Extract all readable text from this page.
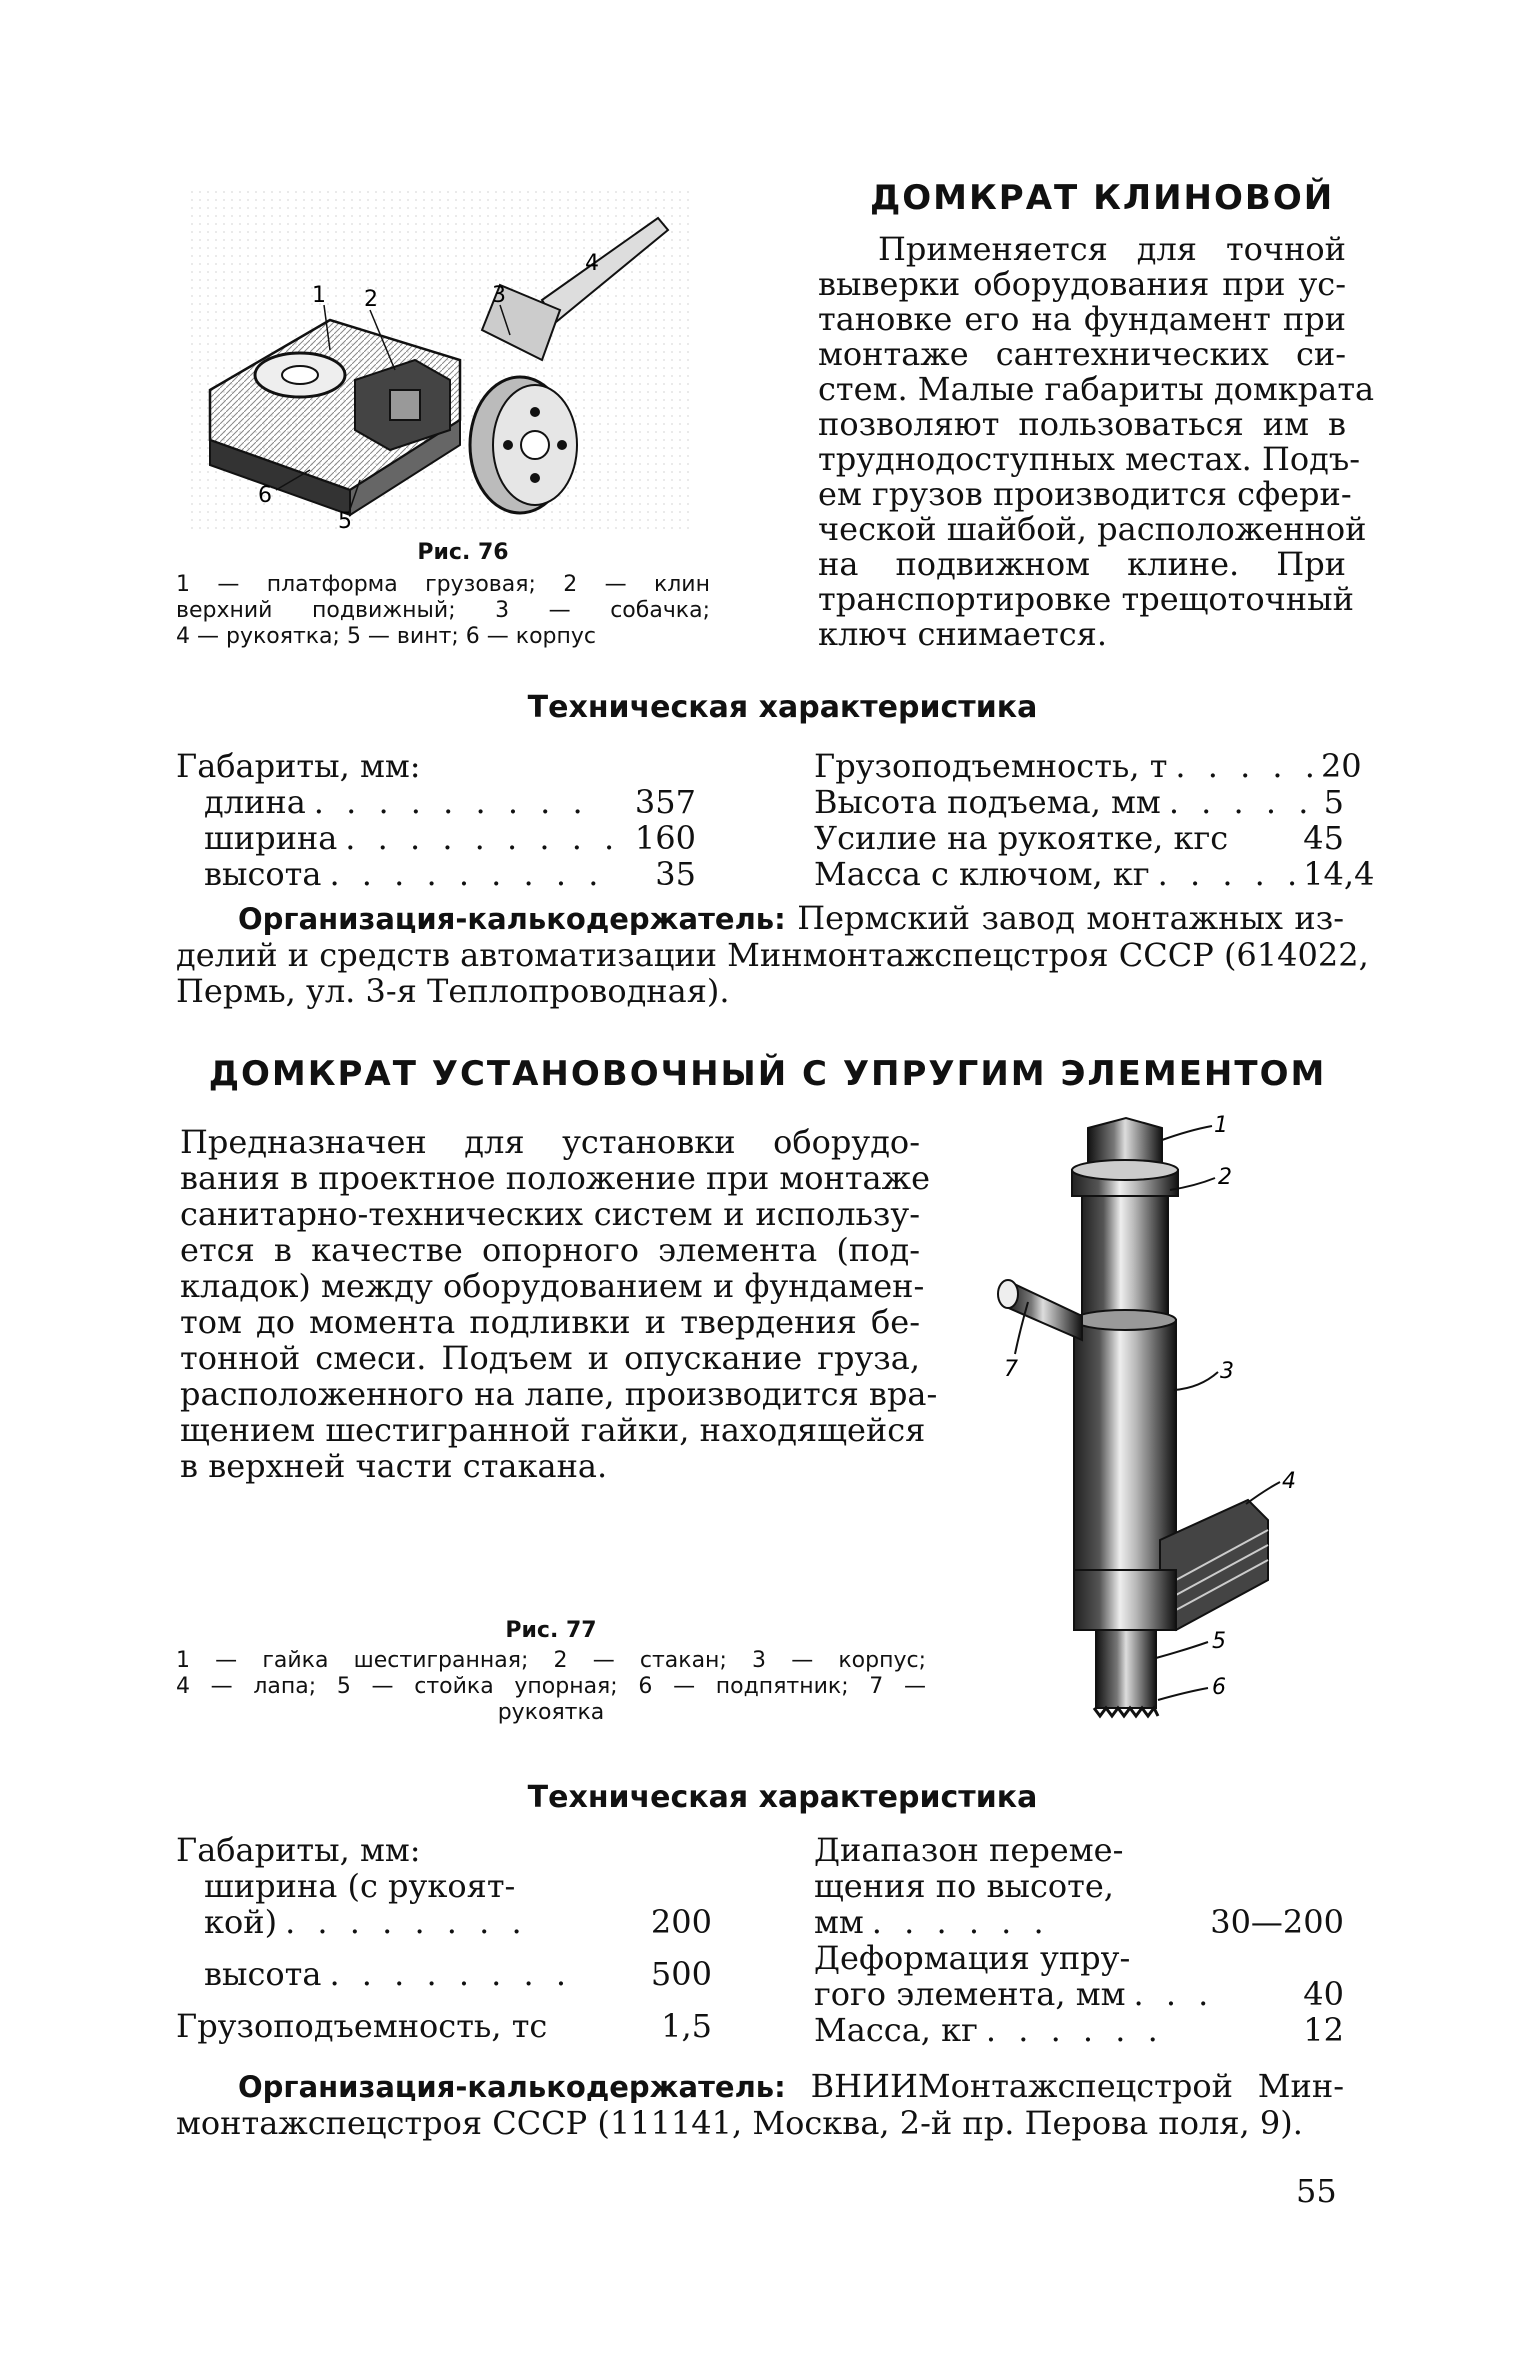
1 2	3
4
5
6
Рис. 76
1 — платформа грузовая; 2 — клин
верхний подвижный; 3 — собачка;
4 — рукоятка; 5 — винт; 6 — корпус
ДОМКРАТ КЛИНОВОЙ
Применяется для точной
выверки оборудования при ус-
тановке его на фундамент при
монтаже сантехнических си-
стем. Малые габариты домкрата
позволяют пользоваться им в
труднодоступных местах. Подъ-
ем грузов производится сфери-
ческой шайбой, расположенной
на подвижном клине. При
транспортировке трещоточный
ключ снимается.
Техническая характеристика
Габариты, мм:
длина . . . . . . . . .	357
ширина . . . . . . . . . 160
высота . . . . . . . . .	35
Грузоподъемность, т . . . . . 20
Высота подъема, мм . . . . . 5
Усилие на рукоятке, кгс 45
Масса с ключом, кг . . . . . 14,4
Организация-калькодержатель: Пермский завод монтажных из-
делий и средств автоматизации Минмонтажспецстроя СССР (614022,
Пермь, ул. 3-я Теплопроводная).
ДОМКРАТ УСТАНОВОЧНЫЙ С УПРУГИМ ЭЛЕМЕНТОМ
Предназначен для установки оборудо-
вания в проектное положение при монтаже
санитарно-технических систем и использу-
ется в качестве опорного элемента (под-
кладок) между оборудованием и фундамен-
том до момента подливки и твердения бе-
тонной смеси. Подъем и опускание груза,
расположенного на лапе, производится вра-
щением шестигранной гайки, находящейся
в верхней части стакана.
1
2
3
4
5
6
7
Рис. 77
1 — гайка шестигранная; 2 — стакан; 3 — корпус;
4 — лапа; 5 — стойка упорная; 6 — подпятник; 7 —
рукоятка
Техническая характеристика
Габариты, мм:
ширина (с рукоят-
кой) . . . . . . . .	200
высота . . . . . . . .	500
Грузоподъемность, тс	1,5
Диапазон переме-
щения по высоте,
мм . . . . . .	30—200
Деформация упру-
гого элемента, мм . . .	40
Масса, кг . . . . . .	12
Организация-калькодержатель: ВНИИМонтажспецстрой Мин-
монтажспецстроя СССР (111141, Москва, 2-й пр. Перова поля, 9).
55
